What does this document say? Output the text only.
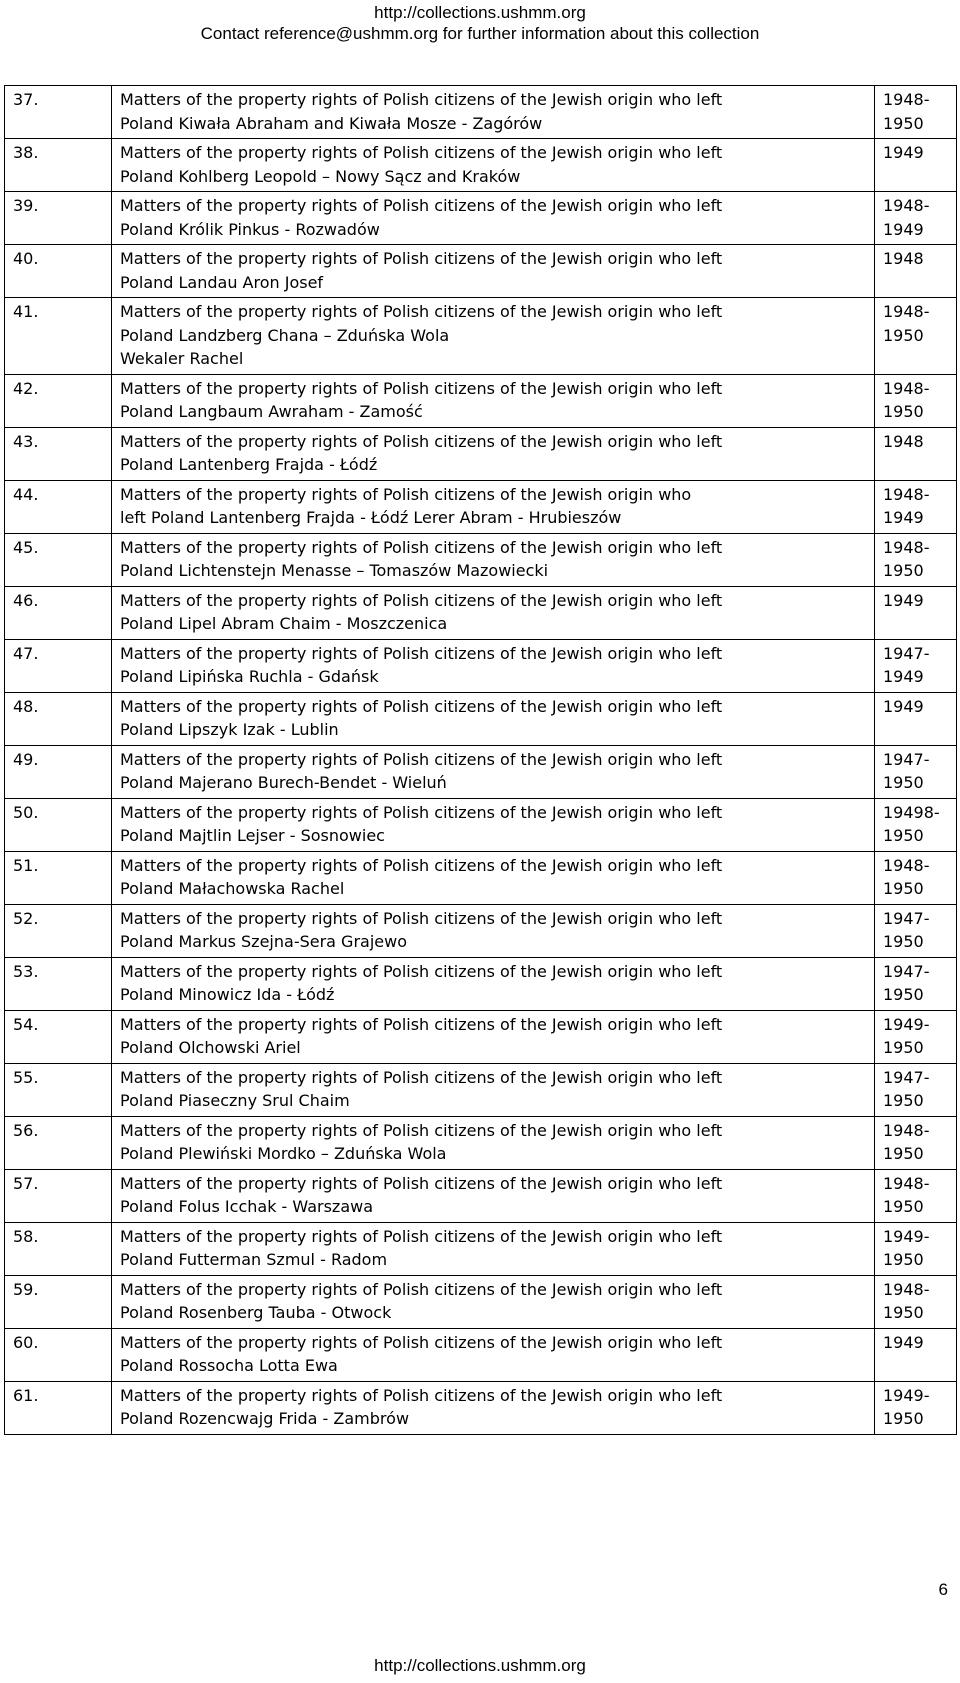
http://collections.ushmm.org
Contact reference@ushmm.org for further information about this collection
37.	Matters of the property rights of Polish citizens of the Jewish origin who left
Poland Kiwała Abraham and Kiwała Mosze - Zagórów	1948-
1950

38.	Matters of the property rights of Polish citizens of the Jewish origin who left
Poland Kohlberg Leopold – Nowy Sącz and Kraków	1949

39.	Matters of the property rights of Polish citizens of the Jewish origin who left
Poland Królik Pinkus - Rozwadów	1948-
1949

40.	Matters of the property rights of Polish citizens of the Jewish origin who left
Poland Landau Aron Josef	1948

41.	Matters of the property rights of Polish citizens of the Jewish origin who left
Poland Landzberg Chana – Zduńska Wola
Wekaler Rachel	1948-
1950

42.	Matters of the property rights of Polish citizens of the Jewish origin who left
Poland Langbaum Awraham - Zamość	1948-
1950

43.	Matters of the property rights of Polish citizens of the Jewish origin who left
Poland Lantenberg Frajda - Łódź	1948

44.	Matters of the property rights of Polish citizens of the Jewish origin who
left Poland Lantenberg Frajda - Łódź Lerer Abram - Hrubieszów	1948-
1949

45.	Matters of the property rights of Polish citizens of the Jewish origin who left
Poland Lichtenstejn Menasse – Tomaszów Mazowiecki	1948-
1950

46.	Matters of the property rights of Polish citizens of the Jewish origin who left
Poland Lipel Abram Chaim - Moszczenica	1949

47.	Matters of the property rights of Polish citizens of the Jewish origin who left
Poland Lipińska Ruchla - Gdańsk	1947-
1949

48.	Matters of the property rights of Polish citizens of the Jewish origin who left
Poland Lipszyk Izak - Lublin	1949

49.	Matters of the property rights of Polish citizens of the Jewish origin who left
Poland Majerano Burech-Bendet - Wieluń	1947-
1950

50.	Matters of the property rights of Polish citizens of the Jewish origin who left
Poland Majtlin Lejser - Sosnowiec	19498-
1950

51.	Matters of the property rights of Polish citizens of the Jewish origin who left
Poland Małachowska Rachel	1948-
1950

52.	Matters of the property rights of Polish citizens of the Jewish origin who left
Poland Markus Szejna-Sera Grajewo	1947-
1950

53.	Matters of the property rights of Polish citizens of the Jewish origin who left
Poland Minowicz Ida - Łódź	1947-
1950

54.	Matters of the property rights of Polish citizens of the Jewish origin who left
Poland Olchowski Ariel	1949-
1950

55.	Matters of the property rights of Polish citizens of the Jewish origin who left
Poland Piaseczny Srul Chaim	1947-
1950

56.	Matters of the property rights of Polish citizens of the Jewish origin who left
Poland Plewiński Mordko – Zduńska Wola	1948-
1950

57.	Matters of the property rights of Polish citizens of the Jewish origin who left
Poland Folus Icchak - Warszawa	1948-
1950

58.	Matters of the property rights of Polish citizens of the Jewish origin who left
Poland Futterman Szmul - Radom	1949-
1950

59.	Matters of the property rights of Polish citizens of the Jewish origin who left
Poland Rosenberg Tauba - Otwock	1948-
1950

60.	Matters of the property rights of Polish citizens of the Jewish origin who left
Poland Rossocha Lotta Ewa	1949

61.	Matters of the property rights of Polish citizens of the Jewish origin who left
Poland Rozencwajg Frida - Zambrów	1949-
1950
6
http://collections.ushmm.org
